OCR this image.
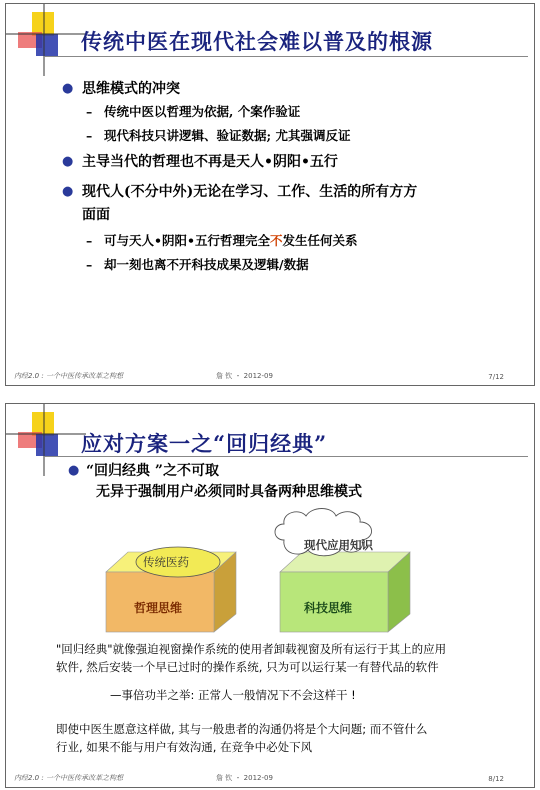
传统中医在现代社会难以普及的根源
● 思维模式的冲突
– 传统中医以哲理为依据, 个案作验证
– 现代科技只讲逻辑、验证数据; 尤其强调反证
● 主导当代的哲理也不再是天人•阴阳•五行
● 现代人(不分中外)无论在学习、工作、生活的所有方方
面面
– 可与天人•阴阳•五行哲理完全不发生任何关系
– 却一刻也离不开科技成果及逻辑/数据
内经2.0 : 一个中医传承改革之构想	詹 钦 ・ 2012-09	7/12
应对方案一之“回归经典”
● “回归经典 ”之不可取
无异于强制用户必须同时具备两种思维模式
传统医药
哲理思维
现代应用知识
科技思维
"回归经典"就像强迫视窗操作系统的使用者卸载视窗及所有运行于其上的应用
软件, 然后安装一个早已过时的操作系统, 只为可以运行某一有替代品的软件
—事倍功半之举: 正常人一般情况下不会这样干 !
即使中医生愿意这样做, 其与一般患者的沟通仍将是个大问题; 而不管什么
行业, 如果不能与用户有效沟通, 在竞争中必处下风
内经2.0 : 一个中医传承改革之构想	詹 钦 ・ 2012-09	8/12
